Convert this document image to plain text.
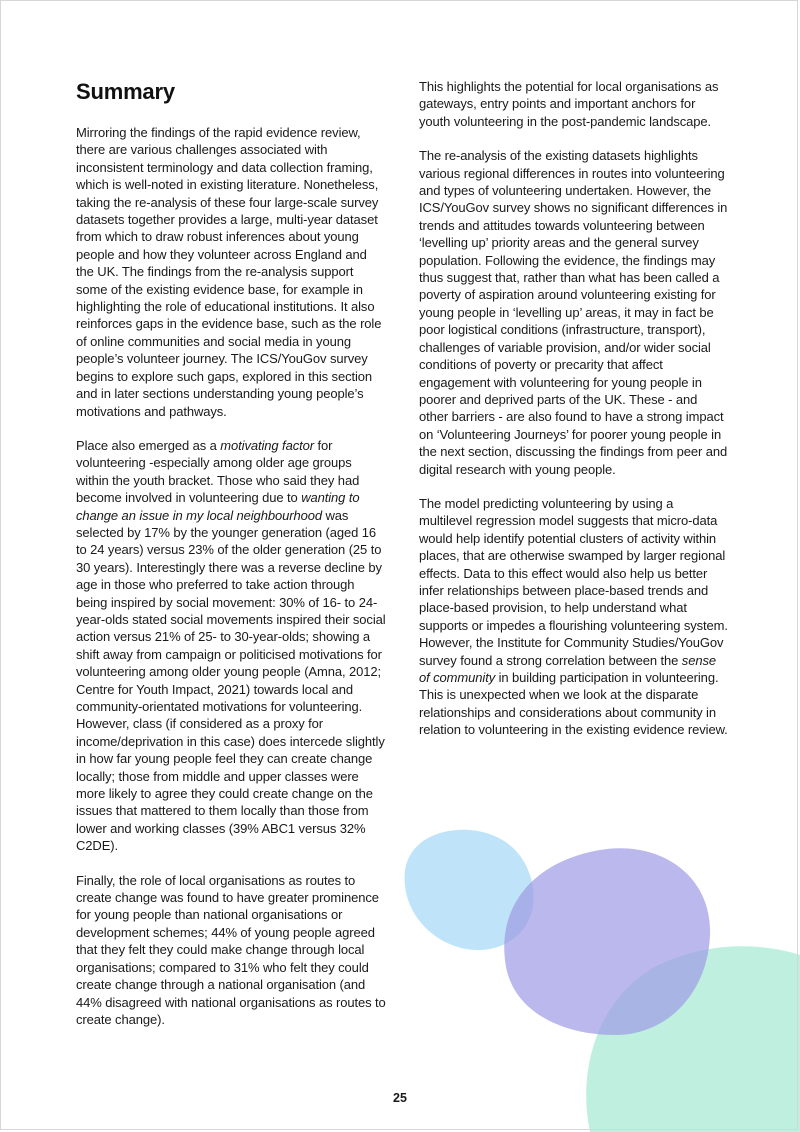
Summary

Mirroring the findings of the rapid evidence review, there are various challenges associated with inconsistent terminology and data collection framing, which is well-noted in existing literature. Nonetheless, taking the re-analysis of these four large-scale survey datasets together provides a large, multi-year dataset from which to draw robust inferences about young people and how they volunteer across England and the UK. The findings from the re-analysis support some of the existing evidence base, for example in highlighting the role of educational institutions. It also reinforces gaps in the evidence base, such as the role of online communities and social media in young people’s volunteer journey. The ICS/YouGov survey begins to explore such gaps, explored in this section and in later sections understanding young people’s motivations and pathways.

Place also emerged as a motivating factor for volunteering -especially among older age groups within the youth bracket. Those who said they had become involved in volunteering due to wanting to change an issue in my local neighbourhood was selected by 17% by the younger generation (aged 16 to 24 years) versus 23% of the older generation (25 to 30 years). Interestingly there was a reverse decline by age in those who preferred to take action through being inspired by social movement: 30% of 16- to 24-year-olds stated social movements inspired their social action versus 21% of 25- to 30-year-olds; showing a shift away from campaign or politicised motivations for volunteering among older young people (Amna, 2012; Centre for Youth Impact, 2021) towards local and community-orientated motivations for volunteering. However, class (if considered as a proxy for income/deprivation in this case) does intercede slightly in how far young people feel they can create change locally; those from middle and upper classes were more likely to agree they could create change on the issues that mattered to them locally than those from lower and working classes (39% ABC1 versus 32% C2DE).

Finally, the role of local organisations as routes to create change was found to have greater prominence for young people than national organisations or development schemes; 44% of young people agreed that they felt they could make change through local organisations; compared to 31% who felt they could create change through a national organisation (and 44% disagreed with national organisations as routes to create change).

This highlights the potential for local organisations as gateways, entry points and important anchors for youth volunteering in the post-pandemic landscape.

The re-analysis of the existing datasets highlights various regional differences in routes into volunteering and types of volunteering undertaken. However, the ICS/YouGov survey shows no significant differences in trends and attitudes towards volunteering between ‘levelling up’ priority areas and the general survey population. Following the evidence, the findings may thus suggest that, rather than what has been called a poverty of aspiration around volunteering existing for young people in ‘levelling up’ areas, it may in fact be poor logistical conditions (infrastructure, transport), challenges of variable provision, and/or wider social conditions of poverty or precarity that affect engagement with volunteering for young people in poorer and deprived parts of the UK. These - and other barriers - are also found to have a strong impact on ‘Volunteering Journeys’ for poorer young people in the next section, discussing the findings from peer and digital research with young people.

The model predicting volunteering by using a multilevel regression model suggests that micro-data would help identify potential clusters of activity within places, that are otherwise swamped by larger regional effects. Data to this effect would also help us better infer relationships between place-based trends and place-based provision, to help understand what supports or impedes a flourishing volunteering system. However, the Institute for Community Studies/YouGov survey found a strong correlation between the sense of community in building participation in volunteering. This is unexpected when we look at the disparate relationships and considerations about community in relation to volunteering in the existing evidence review.

25
